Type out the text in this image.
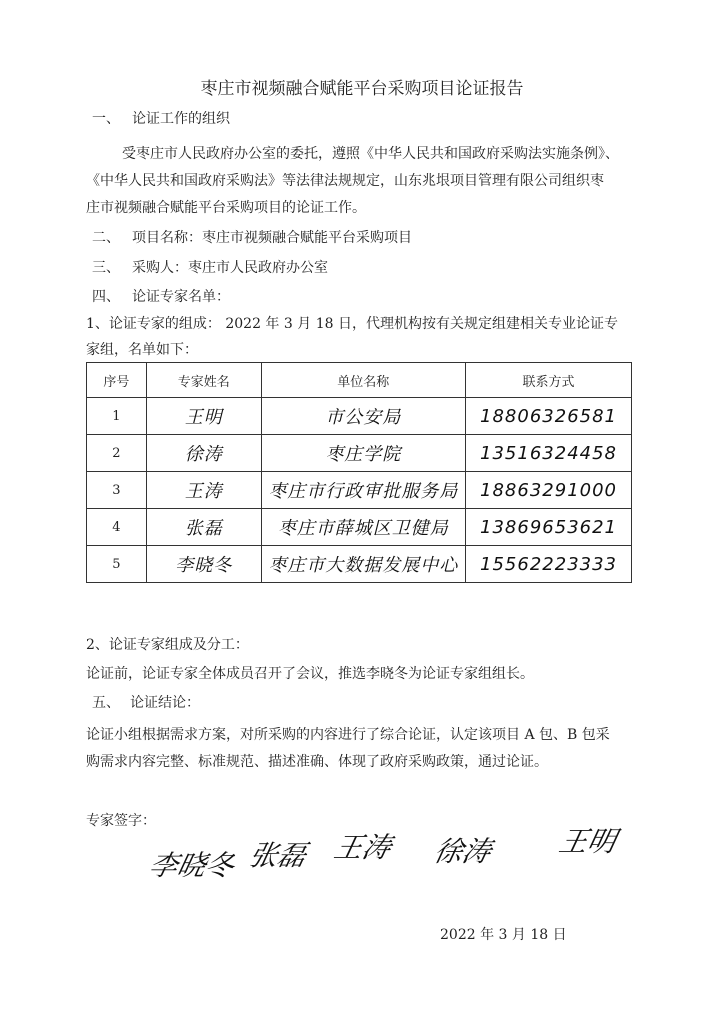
枣庄市视频融合赋能平台采购项目论证报告
一、 论证工作的组织
受枣庄市人民政府办公室的委托，遵照《中华人民共和国政府采购法实施条例》、
《中华人民共和国政府采购法》等法律法规规定，山东兆垠项目管理有限公司组织枣
庄市视频融合赋能平台采购项目的论证工作。
二、 项目名称：枣庄市视频融合赋能平台采购项目
三、 采购人：枣庄市人民政府办公室
四、 论证专家名单：
1、论证专家的组成： 2022 年 3 月 18 日，代理机构按有关规定组建相关专业论证专
家组，名单如下：
序号	专家姓名	单位名称	联系方式
1	王明	市公安局	18806326581
2	徐涛	枣庄学院	13516324458
3	王涛	枣庄市行政审批服务局	18863291000
4	张磊	枣庄市薛城区卫健局	13869653621
5	李晓冬	枣庄市大数据发展中心	15562223333
2、论证专家组成及分工：
论证前，论证专家全体成员召开了会议，推选李晓冬为论证专家组组长。
五、 论证结论：
论证小组根据需求方案，对所采购的内容进行了综合论证，认定该项目 A 包、B 包采
购需求内容完整、标准规范、描述准确、体现了政府采购政策，通过论证。
专家签字：
李晓冬 张磊 王涛 徐涛 王明
2022 年 3 月 18 日
